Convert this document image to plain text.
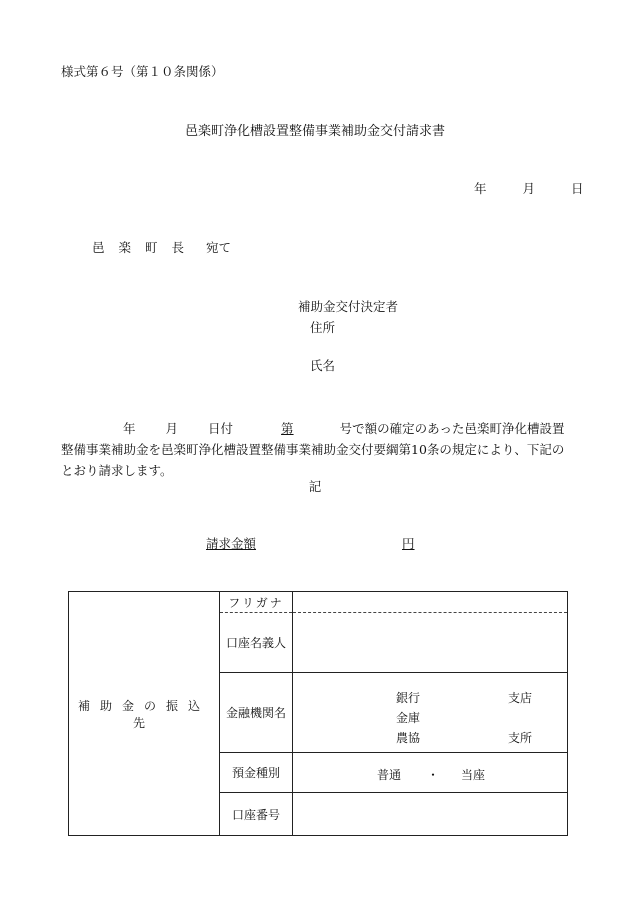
様式第６号（第１０条関係）
邑楽町浄化槽設置整備事業補助金交付請求書
年	月	日
邑楽町長 宛て
補助金交付決定者
住所
氏名
年 月 日付	第	号で額の確定のあった邑楽町浄化槽設置整備事業補助金を邑楽町浄化槽設置整備事業補助金交付要綱第10条の規定により、下記のとおり請求します。
記
請求金額	円
補助金の振込先	フリガナ	
	口座名義人	
	金融機関名	銀行 支店
金庫
農協 支所

	預金種別	普通 ・ 当座

	口座番号	
